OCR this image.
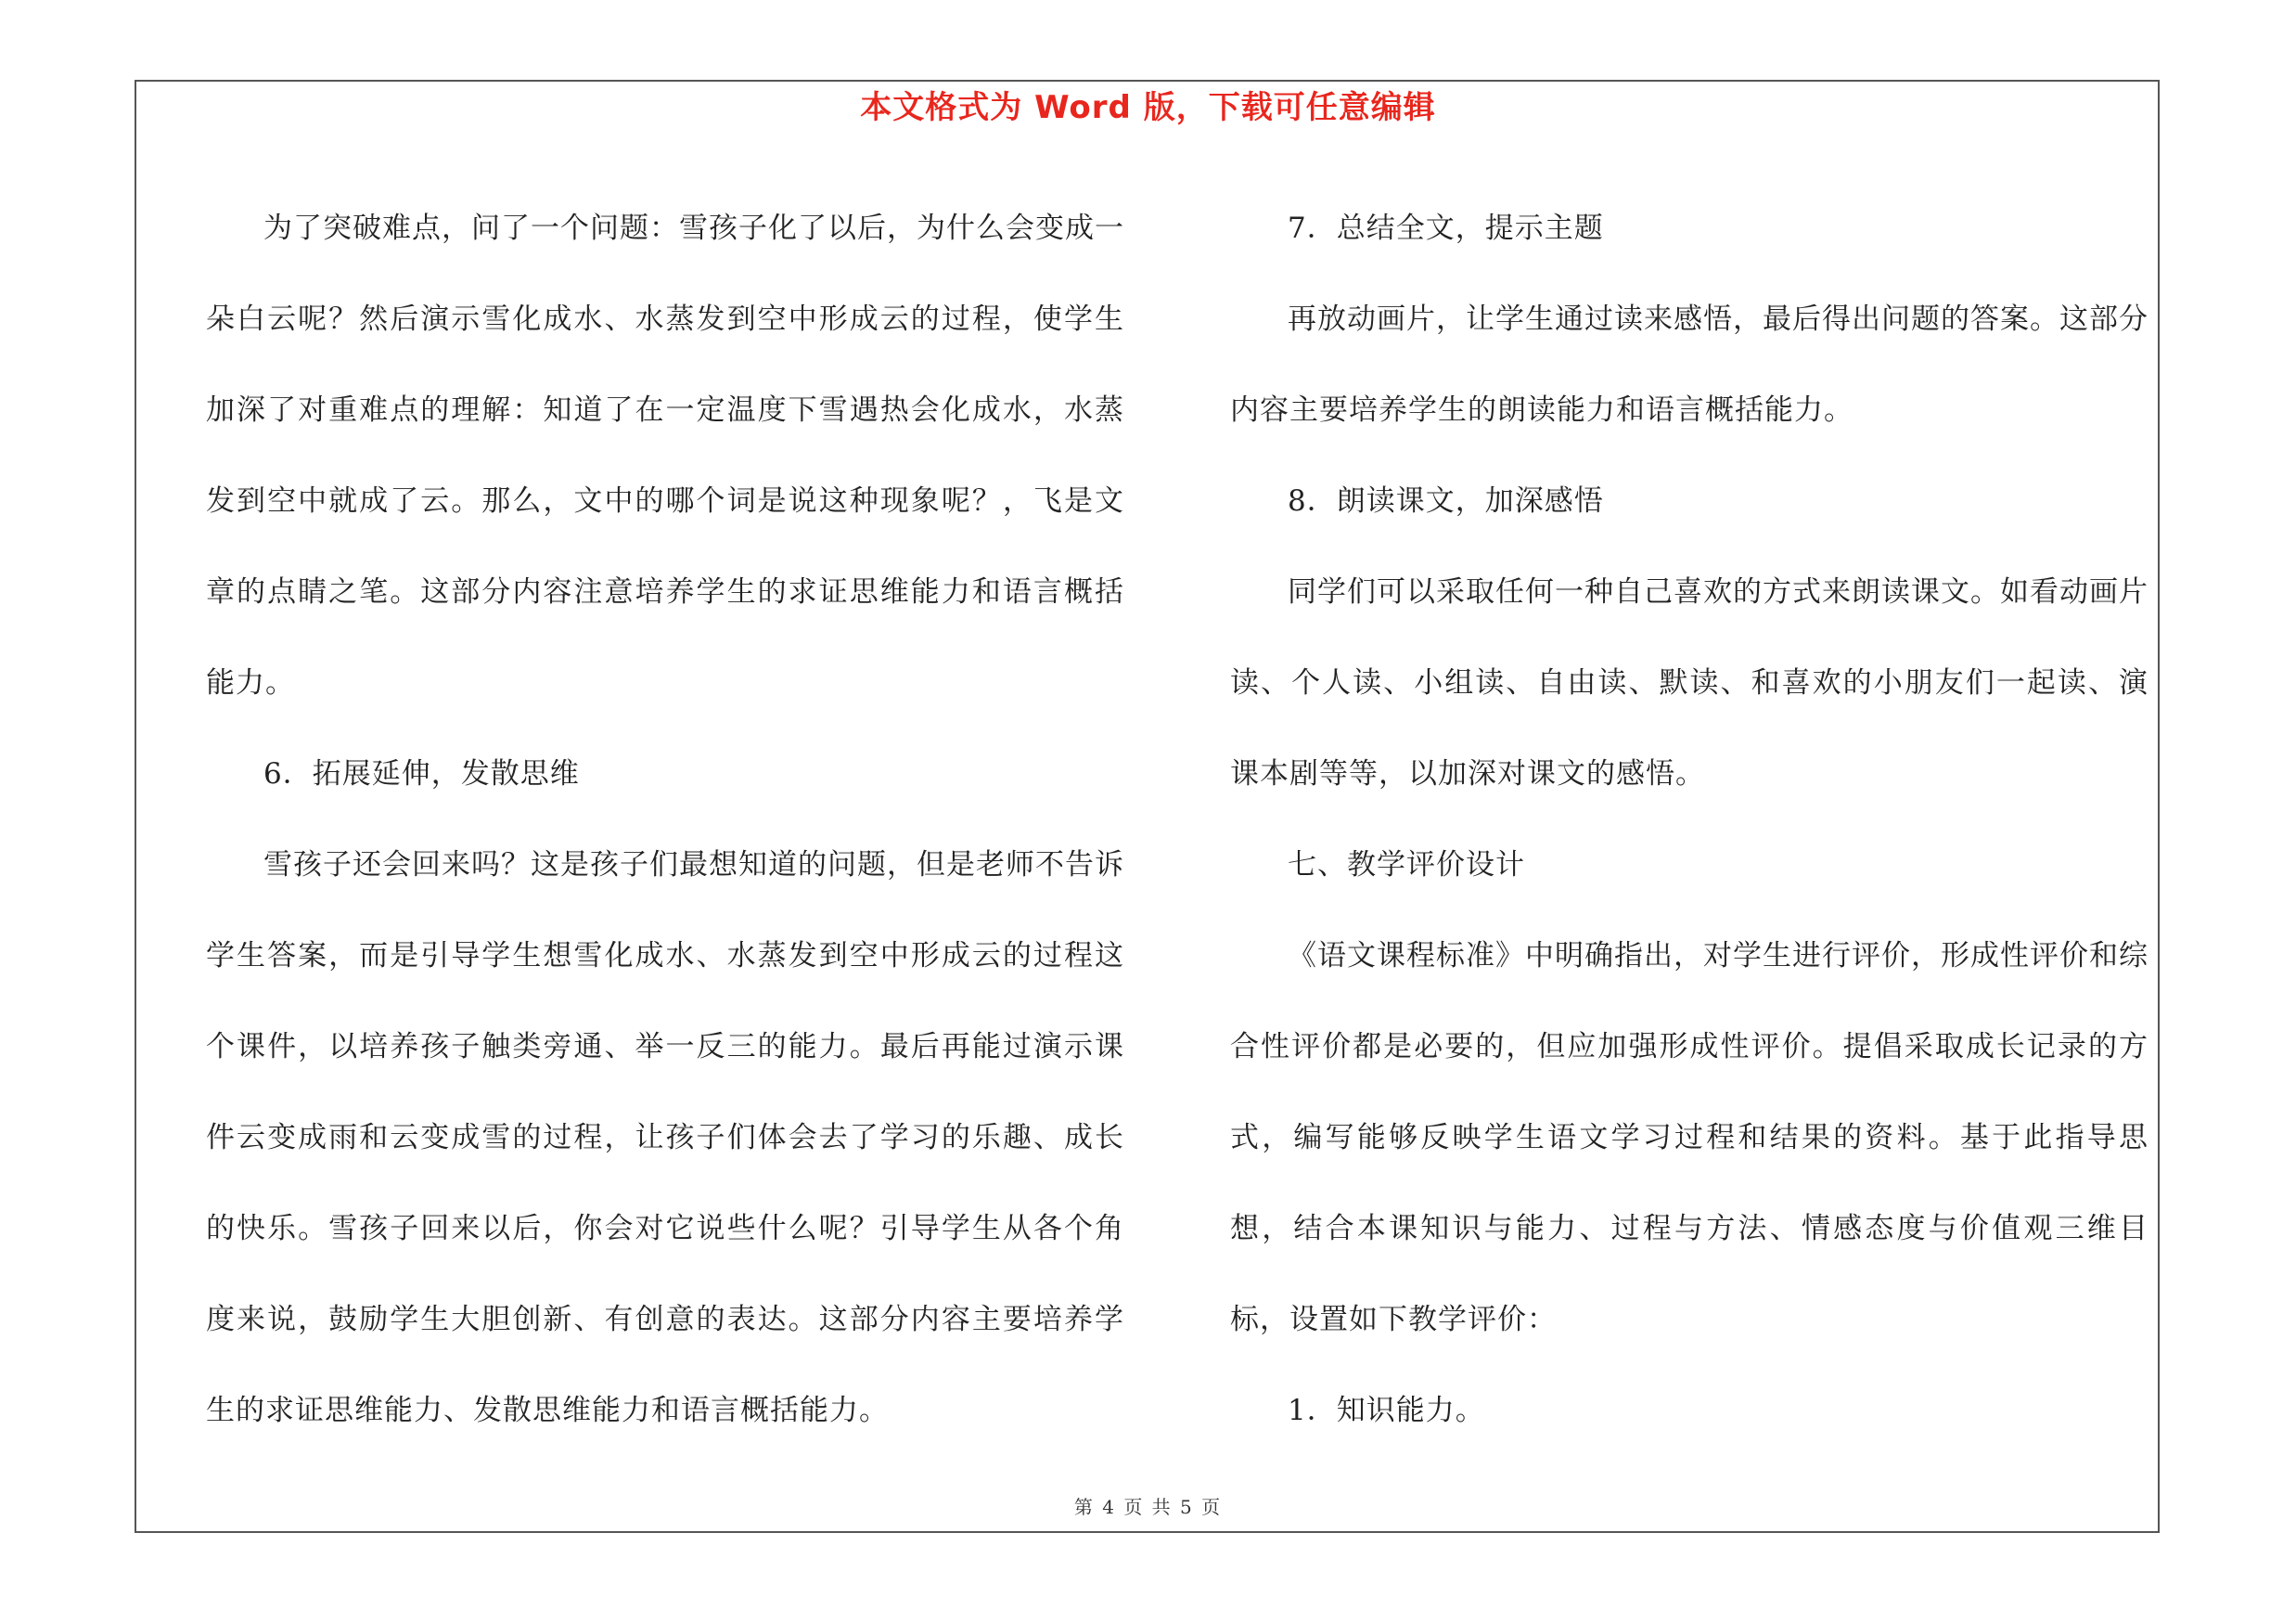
本文格式为 Word 版，下载可任意编辑

为了突破难点，问了一个问题：雪孩子化了以后，为什么会变成一朵白云呢？然后演示雪化成水、水蒸发到空中形成云的过程，使学生加深了对重难点的理解：知道了在一定温度下雪遇热会化成水，水蒸发到空中就成了云。那么，文中的哪个词是说这种现象呢？，飞是文章的点睛之笔。这部分内容注意培养学生的求证思维能力和语言概括能力。

6．拓展延伸，发散思维

雪孩子还会回来吗？这是孩子们最想知道的问题，但是老师不告诉学生答案，而是引导学生想雪化成水、水蒸发到空中形成云的过程这个课件，以培养孩子触类旁通、举一反三的能力。最后再能过演示课件云变成雨和云变成雪的过程，让孩子们体会去了学习的乐趣、成长的快乐。雪孩子回来以后，你会对它说些什么呢？引导学生从各个角度来说，鼓励学生大胆创新、有创意的表达。这部分内容主要培养学生的求证思维能力、发散思维能力和语言概括能力。

7．总结全文，提示主题

再放动画片，让学生通过读来感悟，最后得出问题的答案。这部分内容主要培养学生的朗读能力和语言概括能力。

8．朗读课文，加深感悟

同学们可以采取任何一种自己喜欢的方式来朗读课文。如看动画片读、个人读、小组读、自由读、默读、和喜欢的小朋友们一起读、演课本剧等等，以加深对课文的感悟。

七、教学评价设计

《语文课程标准》中明确指出，对学生进行评价，形成性评价和综合性评价都是必要的，但应加强形成性评价。提倡采取成长记录的方式，编写能够反映学生语文学习过程和结果的资料。基于此指导思想，结合本课知识与能力、过程与方法、情感态度与价值观三维目标，设置如下教学评价：

1．知识能力。

第 4 页 共 5 页
